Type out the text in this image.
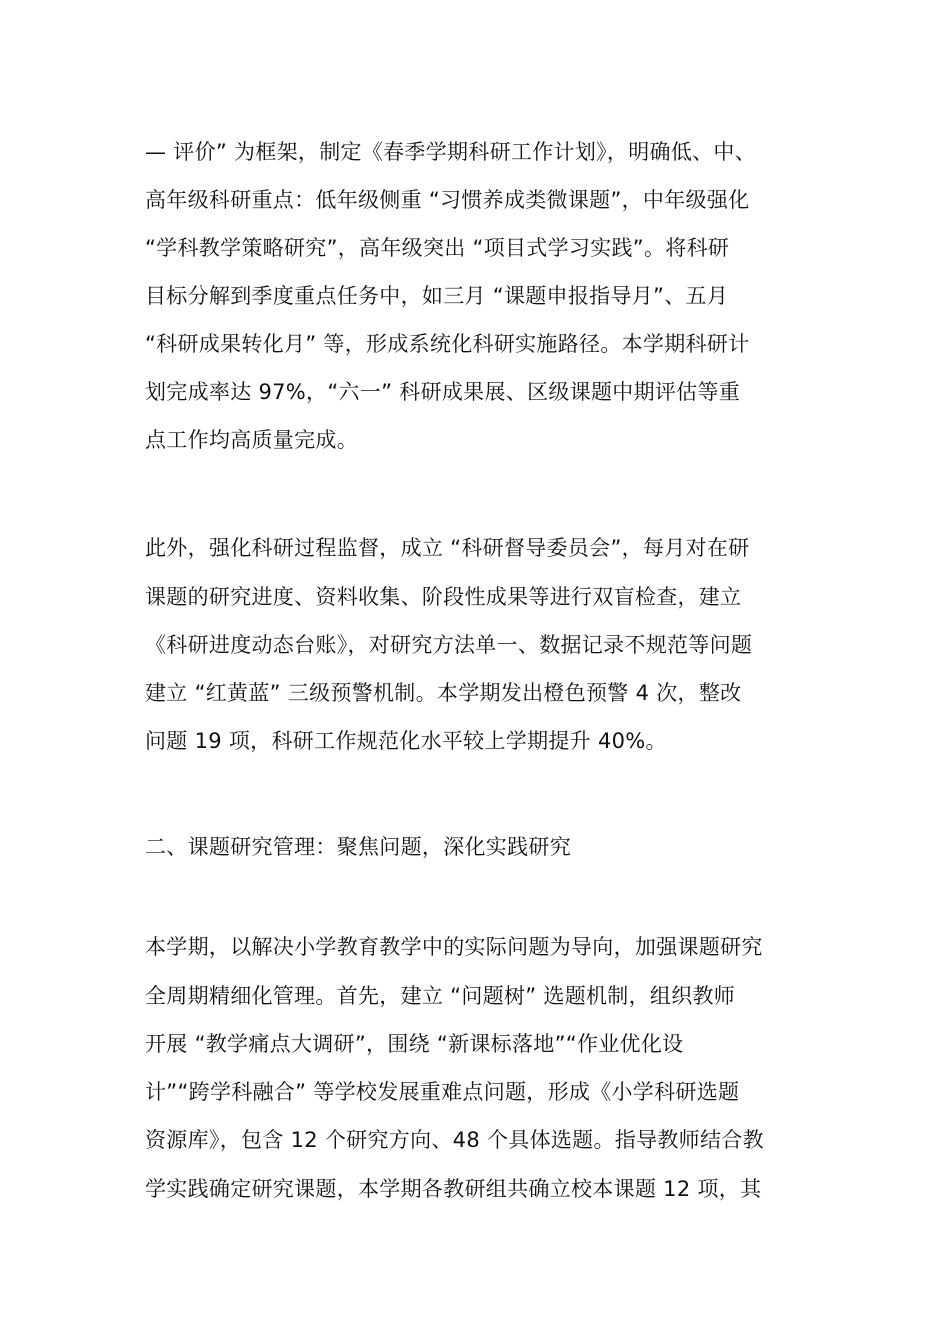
— 评价” 为框架，制定《春季学期科研工作计划》，明确低、中、
高年级科研重点：低年级侧重 “习惯养成类微课题”，中年级强化
“学科教学策略研究”，高年级突出 “项目式学习实践”。将科研
目标分解到季度重点任务中，如三月 “课题申报指导月”、五月
“科研成果转化月” 等，形成系统化科研实施路径。本学期科研计
划完成率达 97%，“六一” 科研成果展、区级课题中期评估等重
点工作均高质量完成。
此外，强化科研过程监督，成立 “科研督导委员会”，每月对在研
课题的研究进度、资料收集、阶段性成果等进行双盲检查，建立
《科研进度动态台账》，对研究方法单一、数据记录不规范等问题
建立 “红黄蓝” 三级预警机制。本学期发出橙色预警 4 次，整改
问题 19 项，科研工作规范化水平较上学期提升 40%。
二、课题研究管理：聚焦问题，深化实践研究
本学期，以解决小学教育教学中的实际问题为导向，加强课题研究
全周期精细化管理。首先，建立 “问题树” 选题机制，组织教师
开展 “教学痛点大调研”，围绕 “新课标落地”“作业优化设
计”“跨学科融合” 等学校发展重难点问题，形成《小学科研选题
资源库》，包含 12 个研究方向、48 个具体选题。指导教师结合教
学实践确定研究课题，本学期各教研组共确立校本课题 12 项，其
